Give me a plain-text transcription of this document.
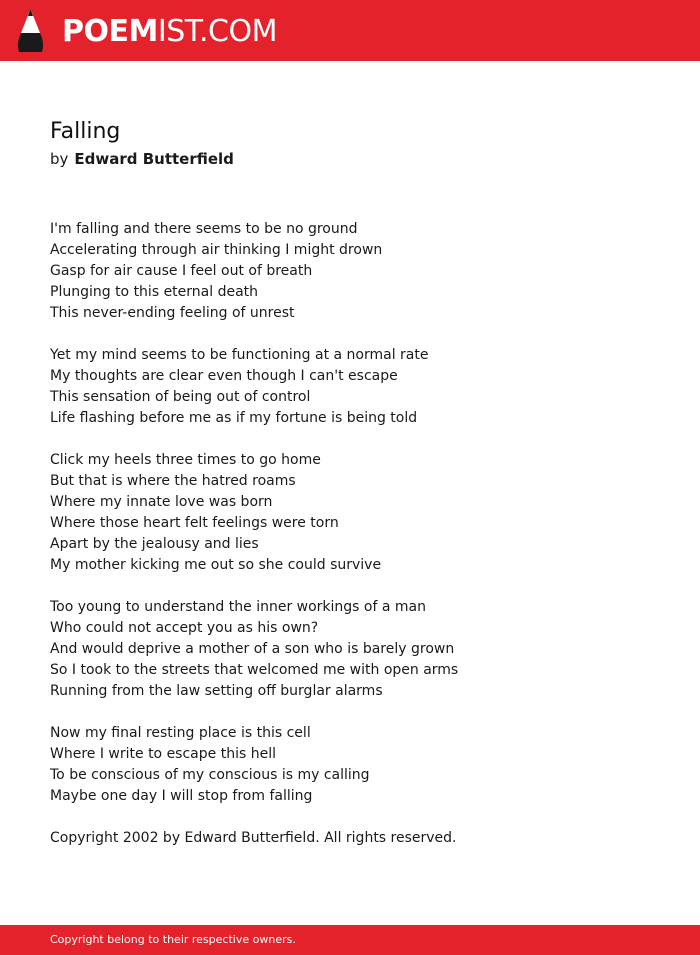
POEMIST.COM
Falling
by Edward Butterfield
I'm falling and there seems to be no ground
Accelerating through air thinking I might drown
Gasp for air cause I feel out of breath
Plunging to this eternal death
This never-ending feeling of unrest
Yet my mind seems to be functioning at a normal rate
My thoughts are clear even though I can't escape
This sensation of being out of control
Life flashing before me as if my fortune is being told
Click my heels three times to go home
But that is where the hatred roams
Where my innate love was born
Where those heart felt feelings were torn
Apart by the jealousy and lies
My mother kicking me out so she could survive
Too young to understand the inner workings of a man
Who could not accept you as his own?
And would deprive a mother of a son who is barely grown
So I took to the streets that welcomed me with open arms
Running from the law setting off burglar alarms
Now my final resting place is this cell
Where I write to escape this hell
To be conscious of my conscious is my calling
Maybe one day I will stop from falling
Copyright 2002 by Edward Butterfield. All rights reserved.
Copyright belong to their respective owners.
